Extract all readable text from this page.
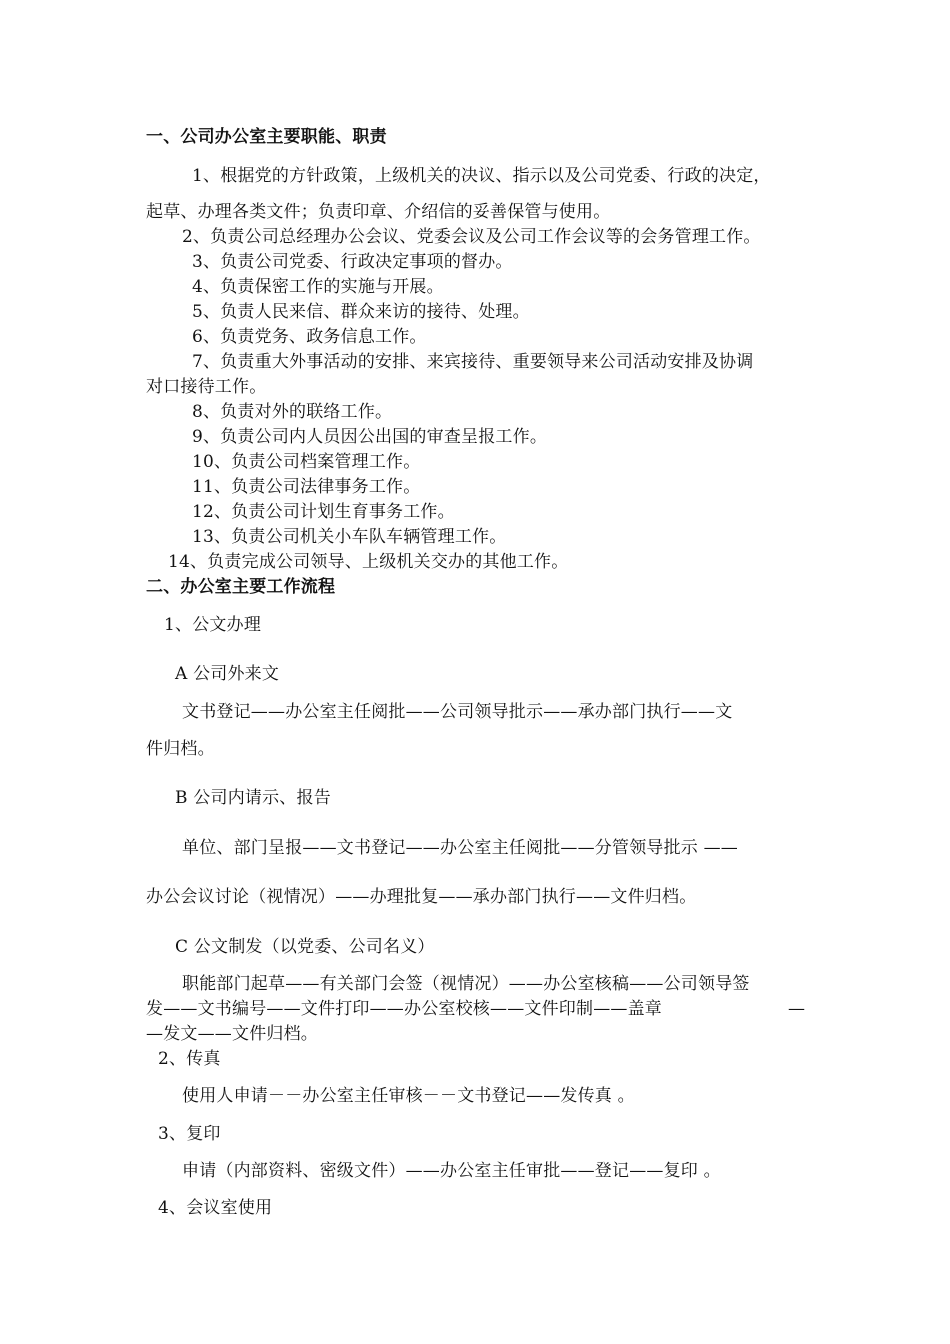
一、公司办公室主要职能、职责
1、根据党的方针政策，上级机关的决议、指示以及公司党委、行政的决定，
起草、办理各类文件；负责印章、介绍信的妥善保管与使用。
2、负责公司总经理办公会议、党委会议及公司工作会议等的会务管理工作。
3、负责公司党委、行政决定事项的督办。
4、负责保密工作的实施与开展。
5、负责人民来信、群众来访的接待、处理。
6、负责党务、政务信息工作。
7、负责重大外事活动的安排、来宾接待、重要领导来公司活动安排及协调
对口接待工作。
8、负责对外的联络工作。
9、负责公司内人员因公出国的审查呈报工作。
10、负责公司档案管理工作。
11、负责公司法律事务工作。
12、负责公司计划生育事务工作。
13、负责公司机关小车队车辆管理工作。
14、负责完成公司领导、上级机关交办的其他工作。
二、办公室主要工作流程
1、公文办理
A 公司外来文
文书登记——办公室主任阅批——公司领导批示——承办部门执行——文
件归档。
B 公司内请示、报告
单位、部门呈报——文书登记——办公室主任阅批——分管领导批示 ——
办公会议讨论（视情况）——办理批复——承办部门执行——文件归档。
C 公文制发（以党委、公司名义）
职能部门起草——有关部门会签（视情况）——办公室核稿——公司领导签
发——文书编号——文件打印——办公室校核——文件印制——盖章	—
—发文——文件归档。
2、传真
使用人申请－－办公室主任审核－－文书登记——发传真 。
3、复印
申请（内部资料、密级文件）——办公室主任审批——登记——复印 。
4、会议室使用
